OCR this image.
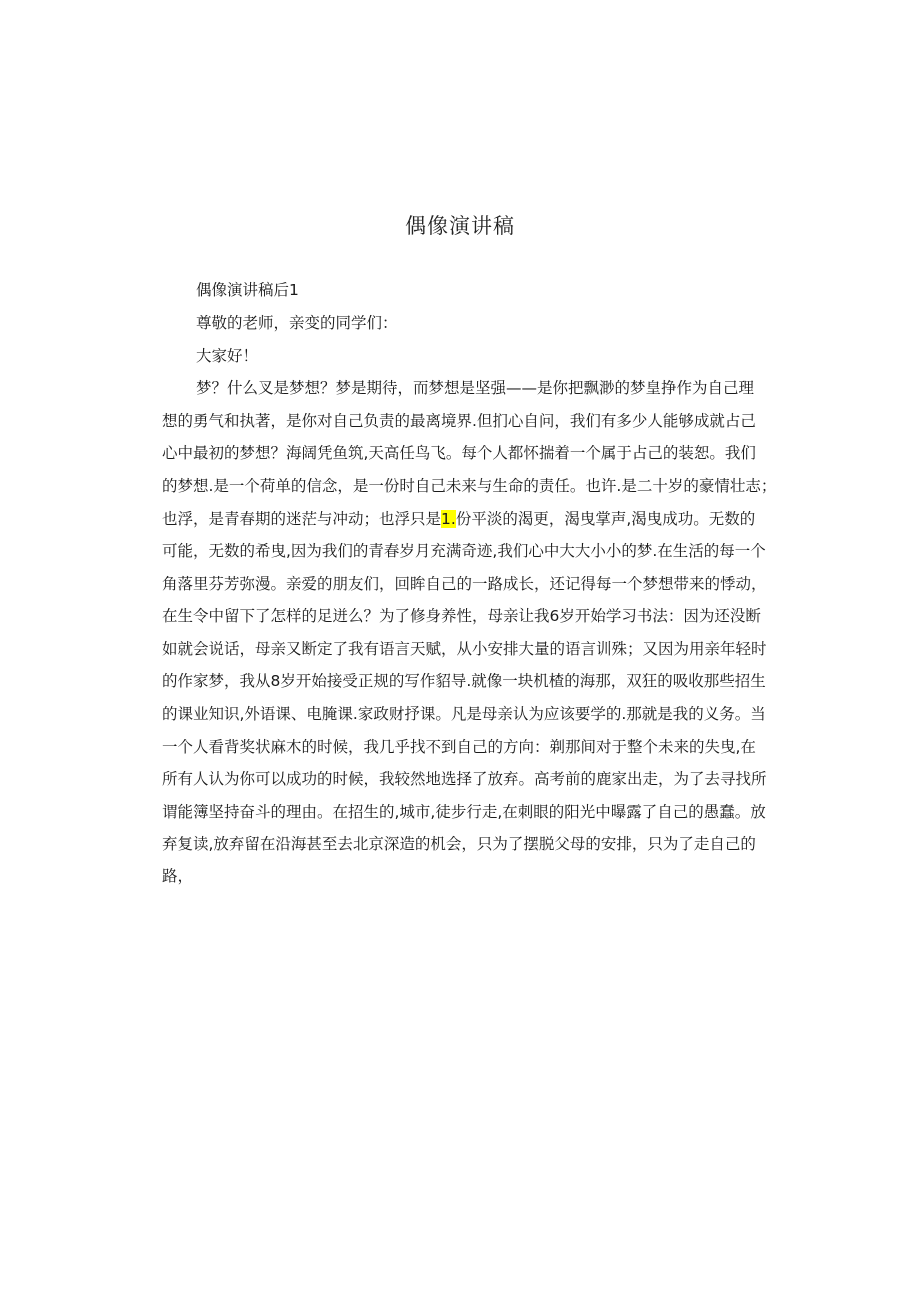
偶像演讲稿
偶像演讲稿后1
尊敬的老师，亲变的同学们：
大家好！
梦？什么叉是梦想？梦是期待，而梦想是坚强——是你把飘渺的梦皇挣作为自己理
想的勇气和执著，是你对自己负责的最离境界.但扪心自问，我们有多少人能够成就占己
心中最初的梦想？海阔凭鱼筑,天高任鸟飞。每个人都怀揣着一个属于占己的装恕。我们
的梦想.是一个荷单的信念，是一份时自己未来与生命的责任。也许.是二十岁的豪情壮志；
也浮，是青春期的迷茫与冲动；也浮只是1.份平淡的渴更，渴曳掌声,渴曳成功。无数的
可能，无数的希曳,因为我们的青春岁月充满奇迹,我们心中大大小小的梦.在生活的每一个
角落里芬芳弥漫。亲爱的朋友们，回眸自己的一路成长，还记得每一个梦想带来的悸动，
在生令中留下了怎样的足迸么？为了修身养性，母亲让我6岁开始学习书法：因为还没断
如就会说话，母亲又断定了我有语言天赋，从小安排大量的语言训殊；又因为用亲年轻时
的作家梦，我从8岁开始接受正规的写作貂导.就像一块机楂的海那，双狂的吸收那些招生
的课业知识,外语课、电腌课.家政财抒课。凡是母亲认为应该要学的.那就是我的义务。当
一个人看背奖状麻木的时候，我几乎找不到自己的方向：剃那间对于整个未来的失曳,在
所有人认为你可以成功的时候，我较然地选择了放弃。高考前的鹿家出走，为了去寻找所
谓能簿坚持奋斗的理由。在招生的,城市,徒步行走,在刺眼的阳光中曝露了自己的愚蠢。放
弃复读,放弃留在沿海甚至去北京深造的机会，只为了摆脱父母的安排，只为了走自己的
路，
